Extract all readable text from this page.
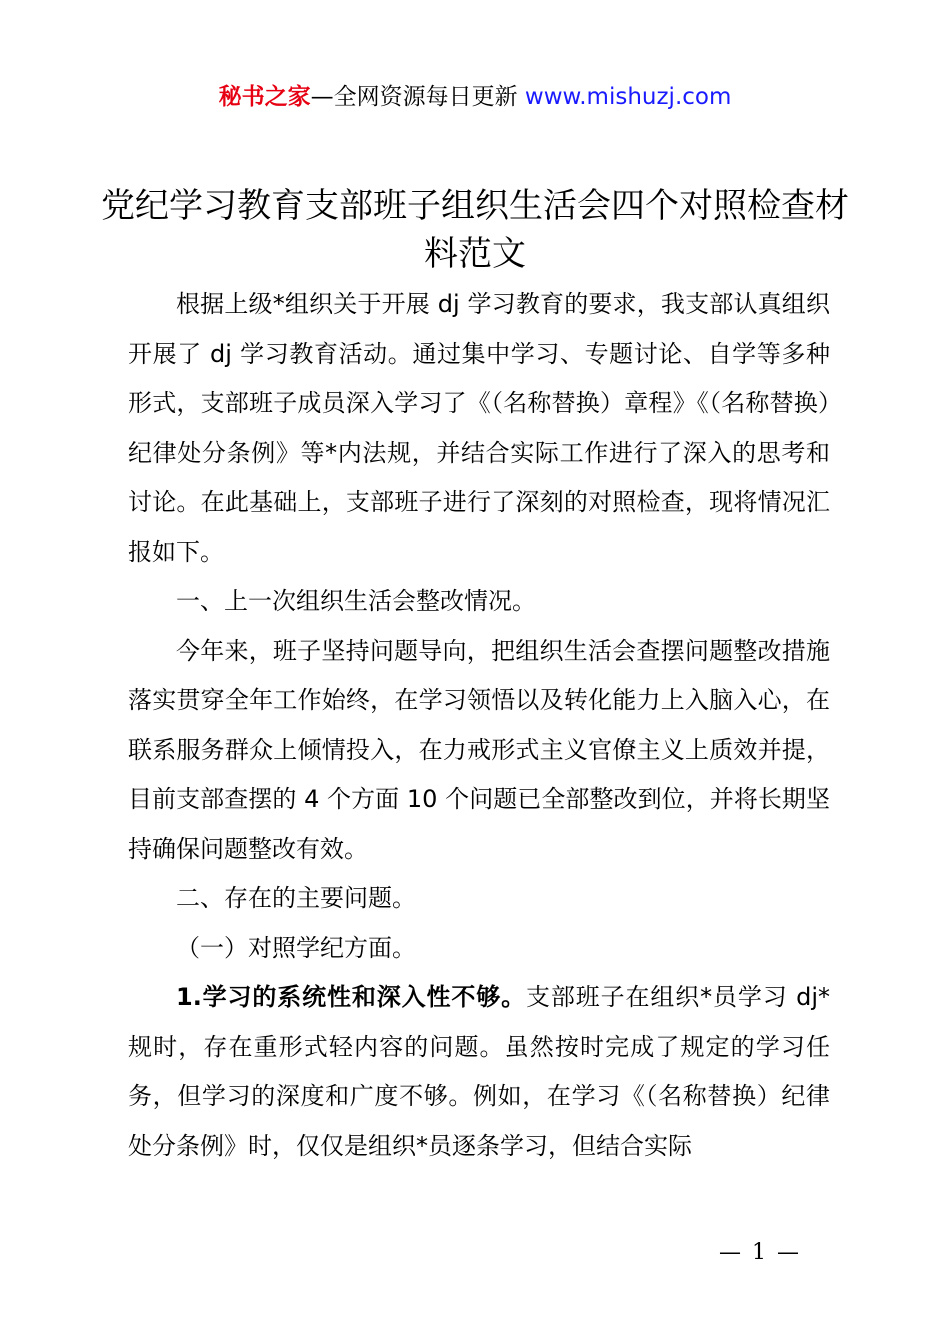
秘书之家—全网资源每日更新 www.mishuzj.com
党纪学习教育支部班子组织生活会四个对照检查材料范文

根据上级*组织关于开展 dj 学习教育的要求，我支部认真组织开展了 dj 学习教育活动。通过集中学习、专题讨论、自学等多种形式，支部班子成员深入学习了《（名称替换）章程》《（名称替换）纪律处分条例》等*内法规，并结合实际工作进行了深入的思考和讨论。在此基础上，支部班子进行了深刻的对照检查，现将情况汇报如下。

一、上一次组织生活会整改情况。

今年来，班子坚持问题导向，把组织生活会查摆问题整改措施落实贯穿全年工作始终，在学习领悟以及转化能力上入脑入心，在联系服务群众上倾情投入，在力戒形式主义官僚主义上质效并提，目前支部查摆的 4 个方面 10 个问题已全部整改到位，并将长期坚持确保问题整改有效。

二、存在的主要问题。

（一）对照学纪方面。

1.学习的系统性和深入性不够。支部班子在组织*员学习 dj*规时，存在重形式轻内容的问题。虽然按时完成了规定的学习任务，但学习的深度和广度不够。例如，在学习《（名称替换）纪律处分条例》时，仅仅是组织*员逐条学习，但结合实际

— 1 —
